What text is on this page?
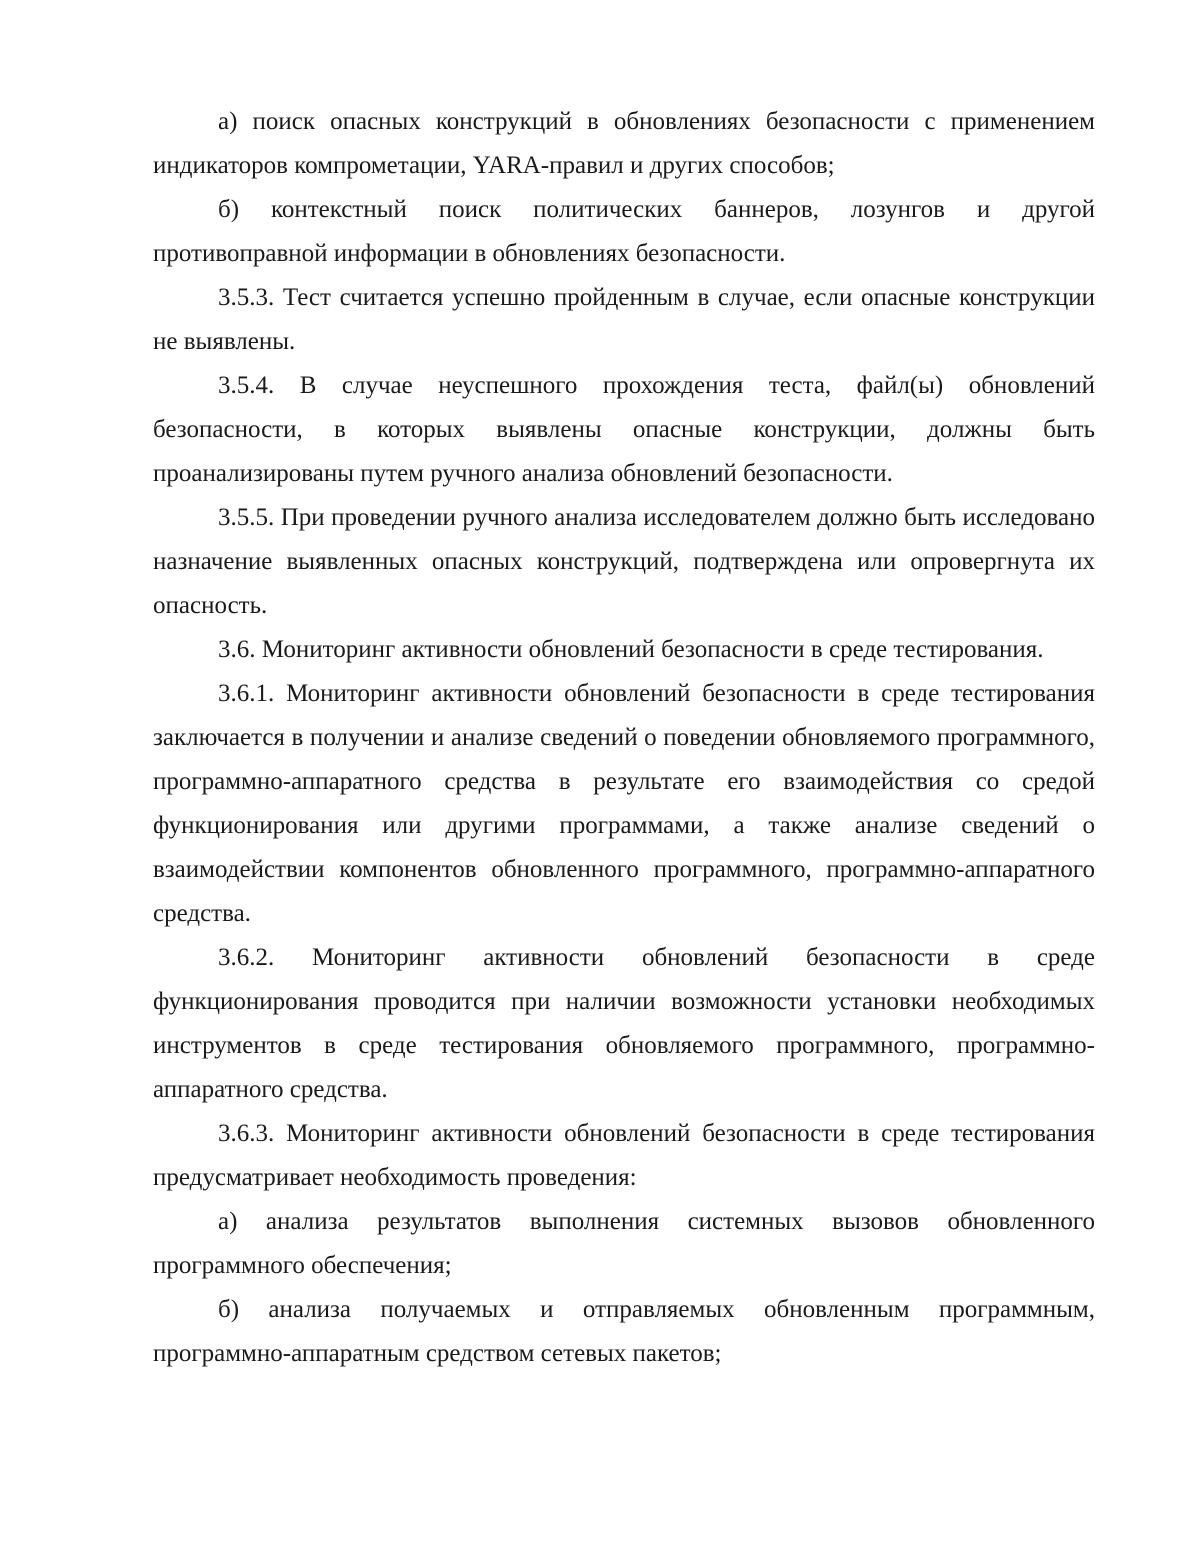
а) поиск опасных конструкций в обновлениях безопасности с применением индикаторов компрометации, YARA-правил и других способов;

б) контекстный поиск политических баннеров, лозунгов и другой противоправной информации в обновлениях безопасности.

3.5.3. Тест считается успешно пройденным в случае, если опасные конструкции не выявлены.

3.5.4. В случае неуспешного прохождения теста, файл(ы) обновлений безопасности, в которых выявлены опасные конструкции, должны быть проанализированы путем ручного анализа обновлений безопасности.

3.5.5. При проведении ручного анализа исследователем должно быть исследовано назначение выявленных опасных конструкций, подтверждена или опровергнута их опасность.

3.6. Мониторинг активности обновлений безопасности в среде тестирования.

3.6.1. Мониторинг активности обновлений безопасности в среде тестирования заключается в получении и анализе сведений о поведении обновляемого программного, программно-аппаратного средства в результате его взаимодействия со средой функционирования или другими программами, а также анализе сведений о взаимодействии компонентов обновленного программного, программно-аппаратного средства.

3.6.2. Мониторинг активности обновлений безопасности в среде функционирования проводится при наличии возможности установки необходимых инструментов в среде тестирования обновляемого программного, программно-аппаратного средства.

3.6.3. Мониторинг активности обновлений безопасности в среде тестирования предусматривает необходимость проведения:

а) анализа результатов выполнения системных вызовов обновленного программного обеспечения;

б) анализа получаемых и отправляемых обновленным программным, программно-аппаратным средством сетевых пакетов;
